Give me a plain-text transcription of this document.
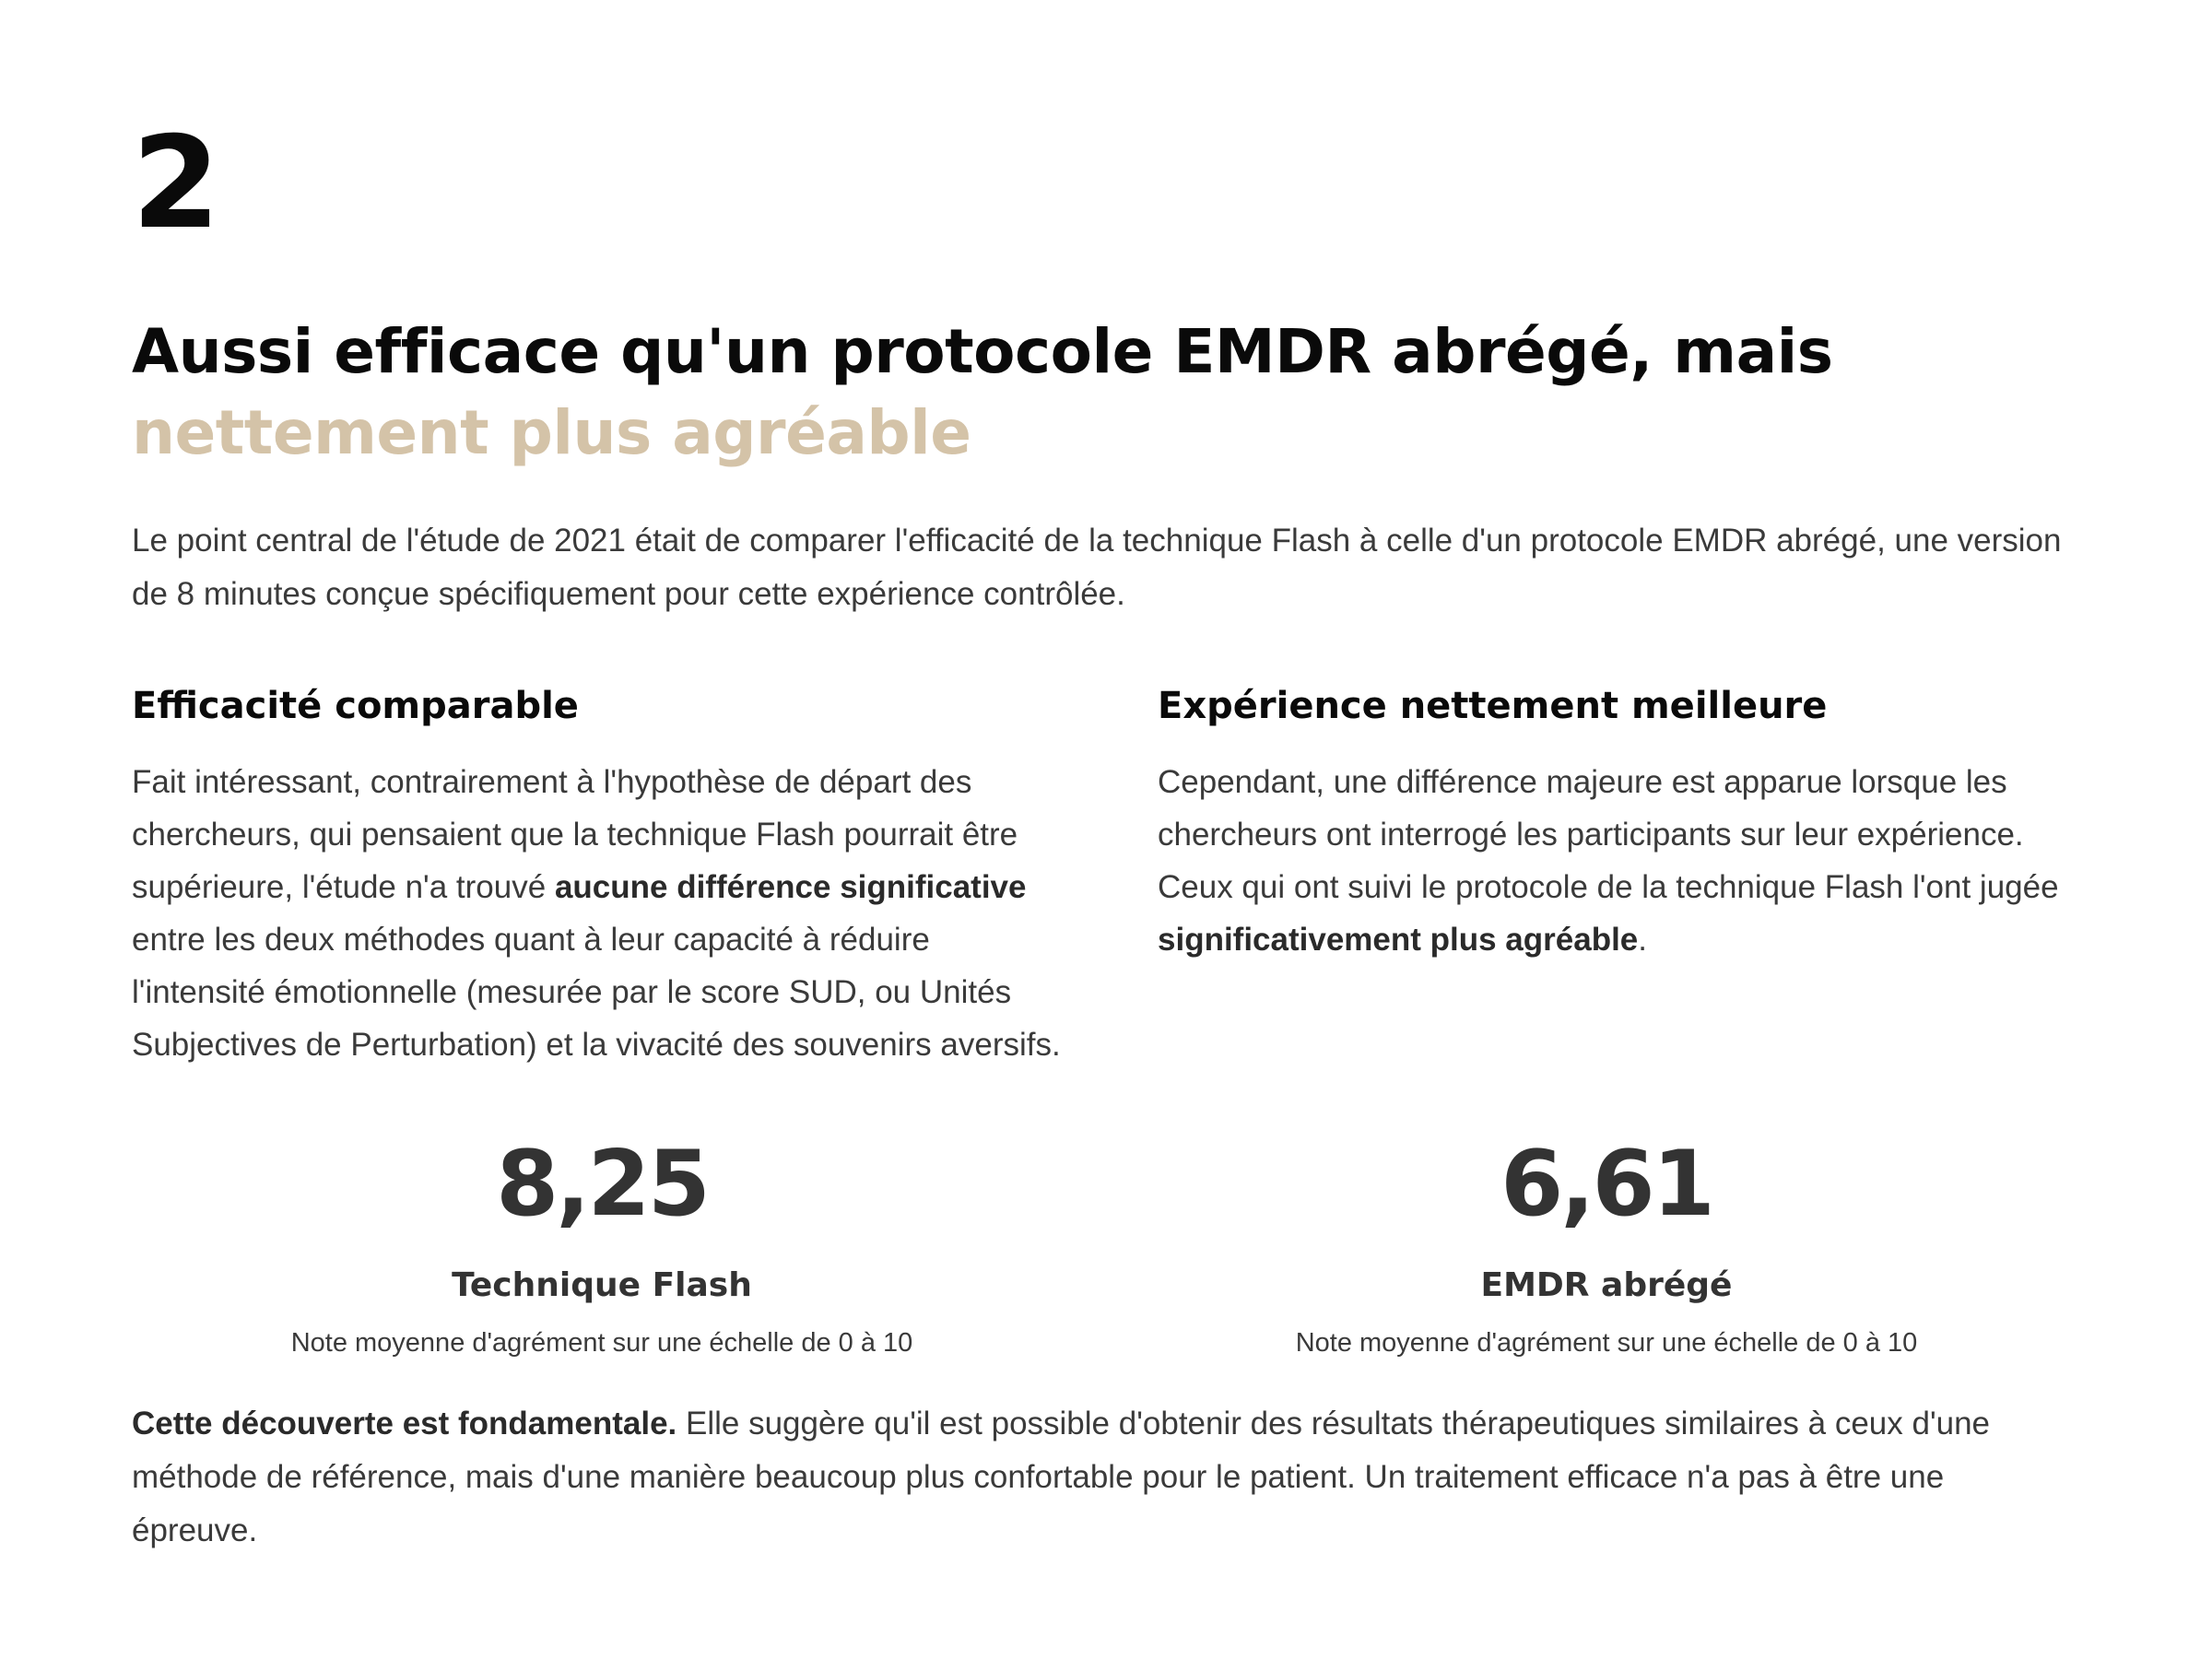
2
Aussi efficace qu'un protocole EMDR abrégé, mais
nettement plus agréable

Le point central de l'étude de 2021 était de comparer l'efficacité de la technique Flash à celle d'un protocole EMDR abrégé, une version de 8 minutes conçue spécifiquement pour cette expérience contrôlée.

Efficacité comparable

Fait intéressant, contrairement à l'hypothèse de départ des chercheurs, qui pensaient que la technique Flash pourrait être supérieure, l'étude n'a trouvé aucune différence significative entre les deux méthodes quant à leur capacité à réduire l'intensité émotionnelle (mesurée par le score SUD, ou Unités Subjectives de Perturbation) et la vivacité des souvenirs aversifs.

Expérience nettement meilleure

Cependant, une différence majeure est apparue lorsque les chercheurs ont interrogé les participants sur leur expérience. Ceux qui ont suivi le protocole de la technique Flash l'ont jugée significativement plus agréable.

8,25
Technique Flash
Note moyenne d'agrément sur une échelle de 0 à 10
6,61
EMDR abrégé
Note moyenne d'agrément sur une échelle de 0 à 10

Cette découverte est fondamentale. Elle suggère qu'il est possible d'obtenir des résultats thérapeutiques similaires à ceux d'une méthode de référence, mais d'une manière beaucoup plus confortable pour le patient. Un traitement efficace n'a pas à être une épreuve.
